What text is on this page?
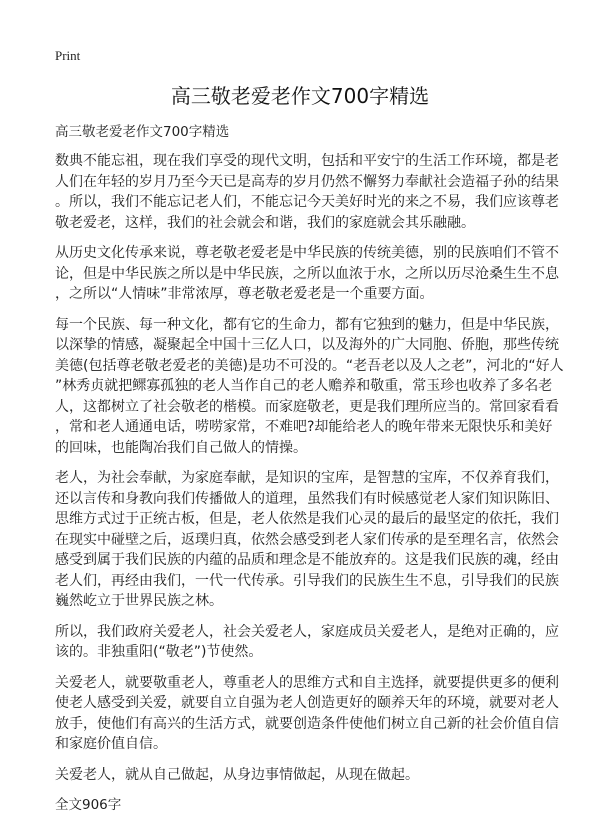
Print
高三敬老爱老作文700字精选
高三敬老爱老作文700字精选

数典不能忘祖，现在我们享受的现代文明，包括和平安宁的生活工作环境，都是老
人们在年轻的岁月乃至今天已是高寿的岁月仍然不懈努力奉献社会造福子孙的结果
。所以，我们不能忘记老人们，不能忘记今天美好时光的来之不易，我们应该尊老
敬老爱老，这样，我们的社会就会和谐，我们的家庭就会其乐融融。

从历史文化传承来说，尊老敬老爱老是中华民族的传统美德，别的民族咱们不管不
论，但是中华民族之所以是中华民族，之所以血浓于水，之所以历尽沧桑生生不息
，之所以“人情味”非常浓厚，尊老敬老爱老是一个重要方面。

每一个民族、每一种文化，都有它的生命力，都有它独到的魅力，但是中华民族，
以深挚的情感，凝聚起全中国十三亿人口，以及海外的广大同胞、侨胞，那些传统
美德(包括尊老敬老爱老的美德)是功不可没的。“老吾老以及人之老”，河北的“好人
”林秀贞就把鳏寡孤独的老人当作自己的老人赡养和敬重，常玉珍也收养了多名老
人，这都树立了社会敬老的楷模。而家庭敬老，更是我们理所应当的。常回家看看
，常和老人通通电话，唠唠家常，不难吧?却能给老人的晚年带来无限快乐和美好
的回味，也能陶冶我们自己做人的情操。

老人，为社会奉献，为家庭奉献，是知识的宝库，是智慧的宝库，不仅养育我们，
还以言传和身教向我们传播做人的道理，虽然我们有时候感觉老人家们知识陈旧、
思维方式过于正统古板，但是，老人依然是我们心灵的最后的最坚定的依托，我们
在现实中碰壁之后，返璞归真，依然会感受到老人家们传承的是至理名言，依然会
感受到属于我们民族的内蕴的品质和理念是不能放弃的。这是我们民族的魂，经由
老人们，再经由我们，一代一代传承。引导我们的民族生生不息，引导我们的民族
巍然屹立于世界民族之林。

所以，我们政府关爱老人，社会关爱老人，家庭成员关爱老人，是绝对正确的，应
该的。非独重阳(“敬老”)节使然。

关爱老人，就要敬重老人，尊重老人的思维方式和自主选择，就要提供更多的便利
使老人感受到关爱，就要自立自强为老人创造更好的颐养天年的环境，就要对老人
放手，使他们有高兴的生活方式，就要创造条件使他们树立自己新的社会价值自信
和家庭价值自信。

关爱老人，就从自己做起，从身边事情做起，从现在做起。

全文906字
